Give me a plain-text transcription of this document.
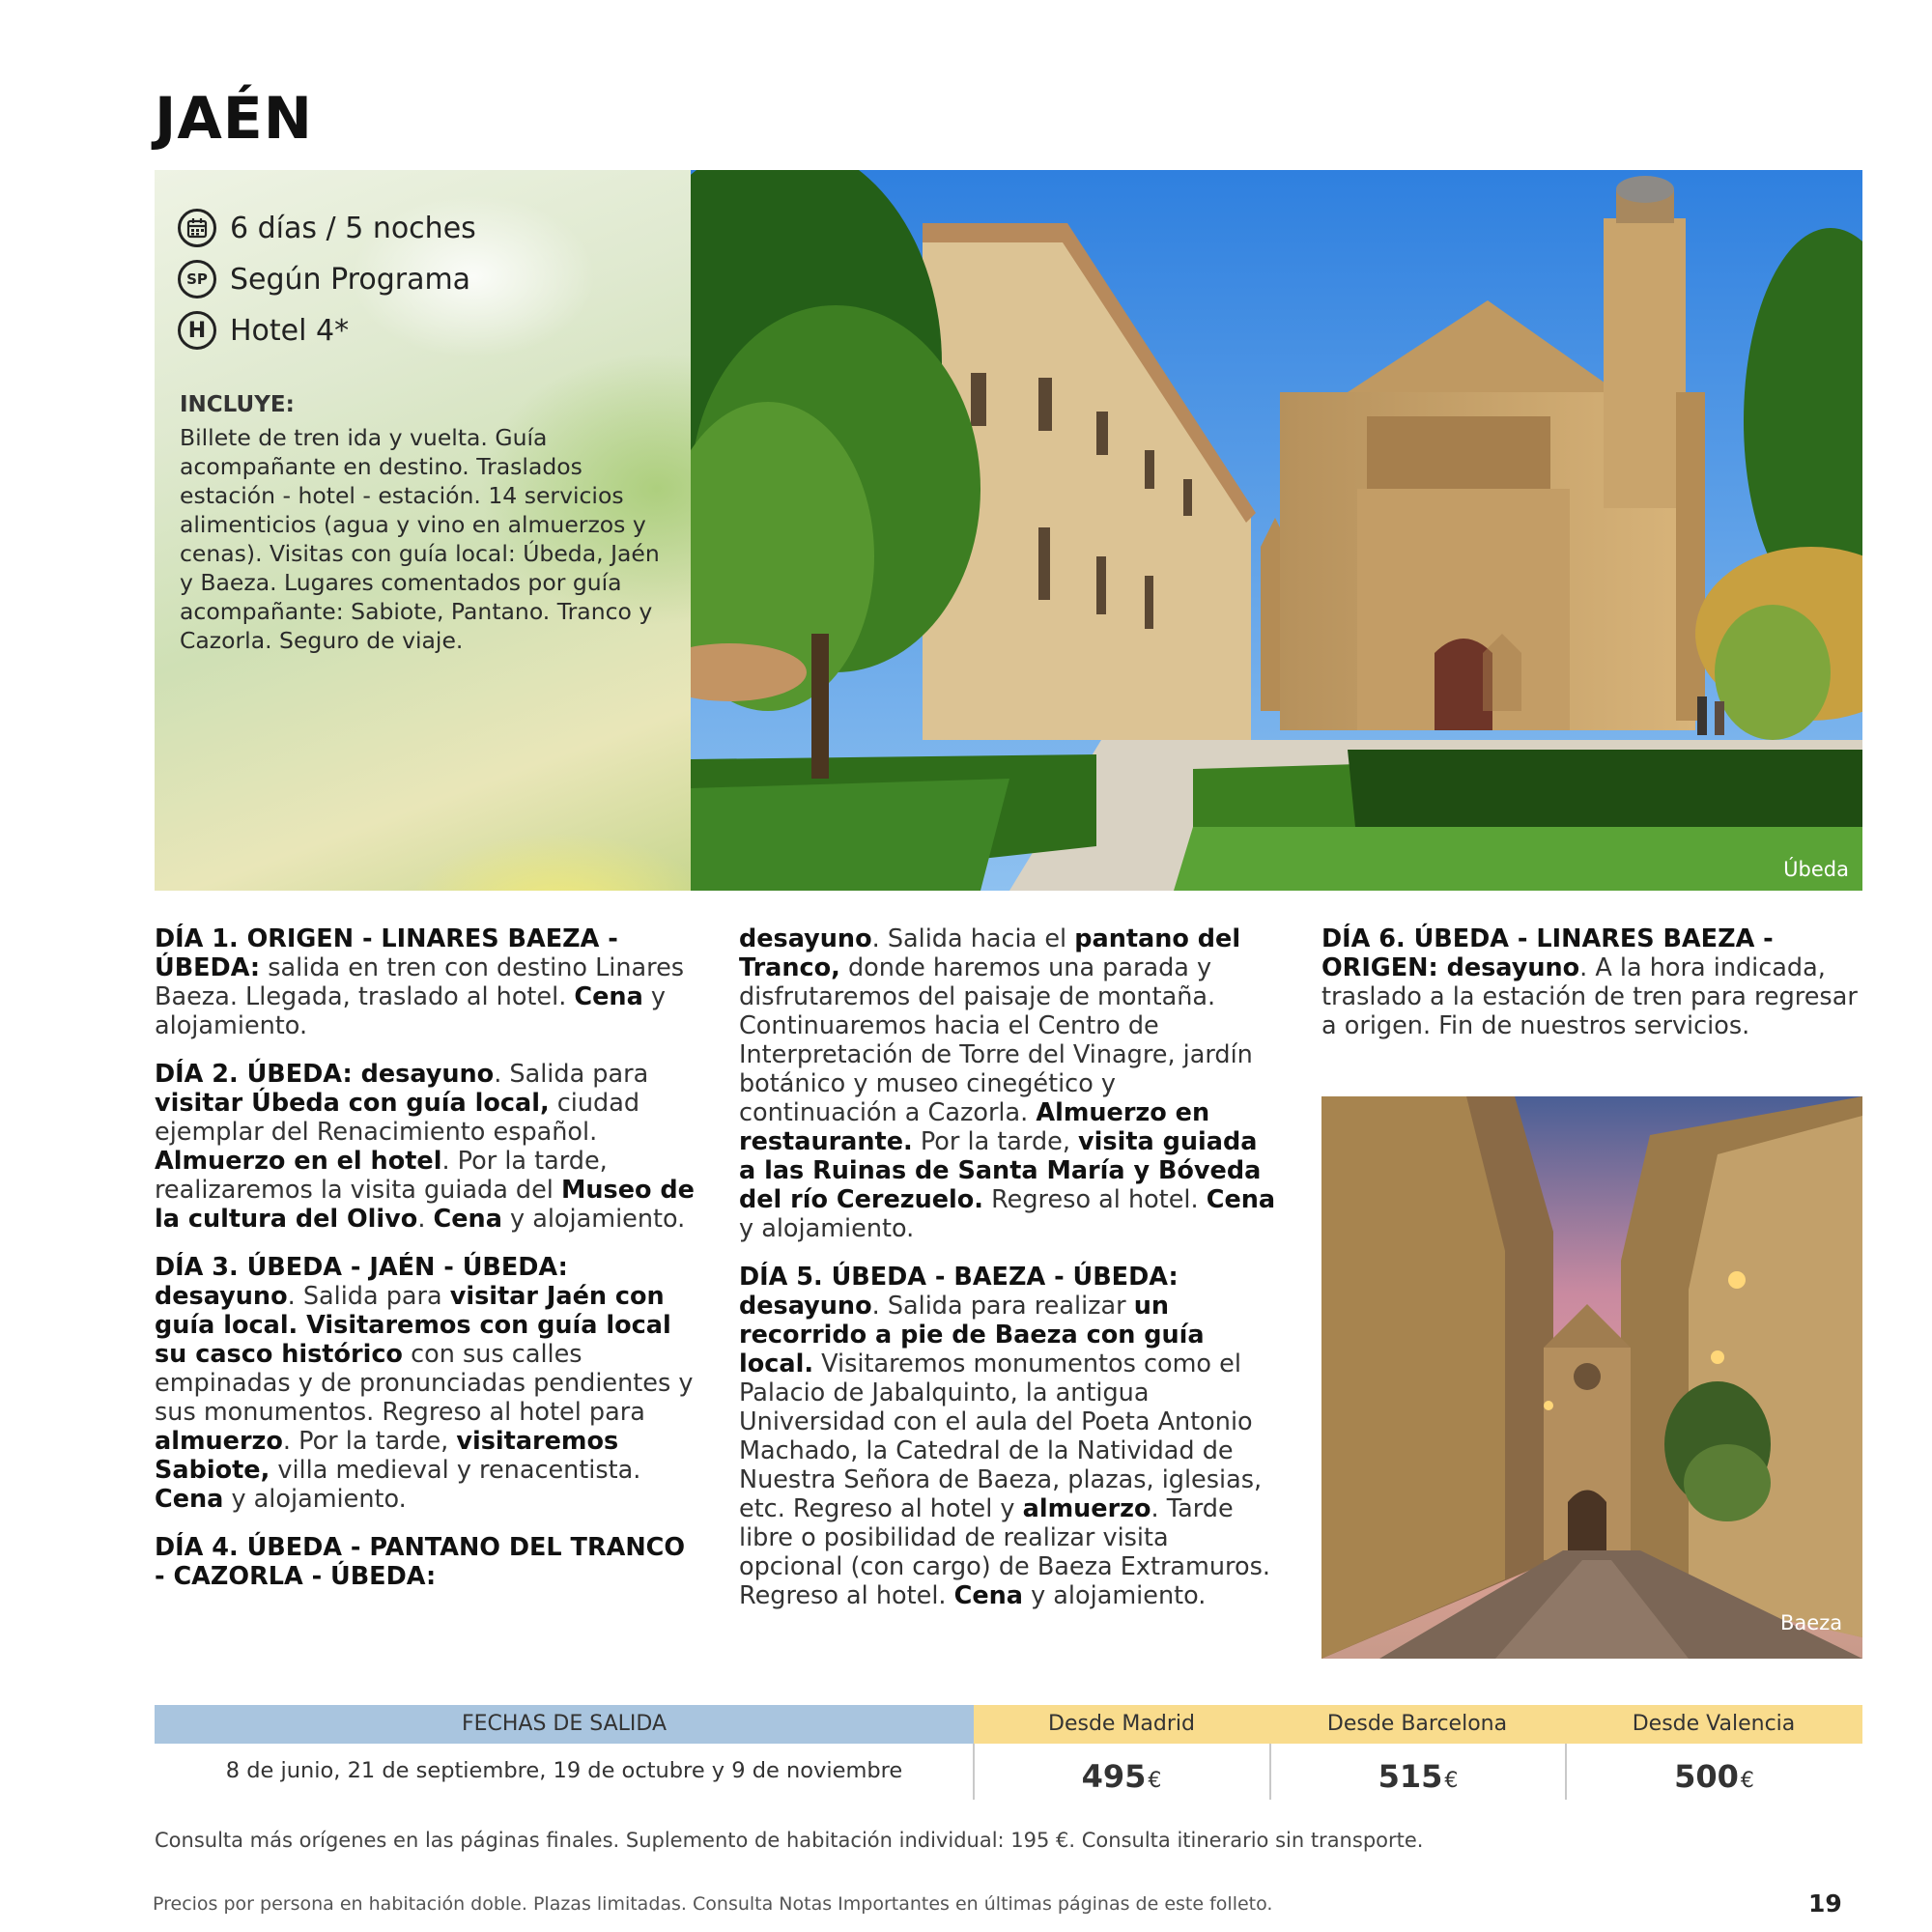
JAÉN
6 días / 5 noches
SP Según Programa
H Hotel 4*
INCLUYE:
Billete de tren ida y vuelta. Guía acompañante en destino. Traslados estación - hotel - estación. 14 servicios alimenticios (agua y vino en almuerzos y cenas). Visitas con guía local: Úbeda, Jaén y Baeza. Lugares comentados por guía acompañante: Sabiote, Pantano. Tranco y Cazorla. Seguro de viaje.
Úbeda

DÍA 1. ORIGEN - LINARES BAEZA - ÚBEDA: salida en tren con destino Linares Baeza. Llegada, traslado al hotel. Cena y alojamiento.

DÍA 2. ÚBEDA: desayuno. Salida para visitar Úbeda con guía local, ciudad ejemplar del Renacimiento español. Almuerzo en el hotel. Por la tarde, realizaremos la visita guiada del Museo de la cultura del Olivo. Cena y alojamiento.

DÍA 3. ÚBEDA - JAÉN - ÚBEDA: desayuno. Salida para visitar Jaén con guía local. Visitaremos con guía local su casco histórico con sus calles empinadas y de pronunciadas pendientes y sus monumentos. Regreso al hotel para almuerzo. Por la tarde, visitaremos Sabiote, villa medieval y renacentista. Cena y alojamiento.

DÍA 4. ÚBEDA - PANTANO DEL TRANCO - CAZORLA - ÚBEDA:

desayuno. Salida hacia el pantano del Tranco, donde haremos una parada y disfrutaremos del paisaje de montaña. Continuaremos hacia el Centro de Interpretación de Torre del Vinagre, jardín botánico y museo cinegético y continuación a Cazorla. Almuerzo en restaurante. Por la tarde, visita guiada a las Ruinas de Santa María y Bóveda del río Cerezuelo. Regreso al hotel. Cena y alojamiento.

DÍA 5. ÚBEDA - BAEZA - ÚBEDA: desayuno. Salida para realizar un recorrido a pie de Baeza con guía local. Visitaremos monumentos como el Palacio de Jabalquinto, la antigua Universidad con el aula del Poeta Antonio Machado, la Catedral de la Natividad de Nuestra Señora de Baeza, plazas, iglesias, etc. Regreso al hotel y almuerzo. Tarde libre o posibilidad de realizar visita opcional (con cargo) de Baeza Extramuros. Regreso al hotel. Cena y alojamiento.

DÍA 6. ÚBEDA - LINARES BAEZA - ORIGEN: desayuno. A la hora indicada, traslado a la estación de tren para regresar a origen. Fin de nuestros servicios.

Baeza
FECHAS DE SALIDA	Desde Madrid	Desde Barcelona	Desde Valencia
8 de junio, 21 de septiembre, 19 de octubre y 9 de noviembre	495€	515€	500€
Consulta más orígenes en las páginas finales. Suplemento de habitación individual: 195 €. Consulta itinerario sin transporte.
Precios por persona en habitación doble. Plazas limitadas. Consulta Notas Importantes en últimas páginas de este folleto.	19
